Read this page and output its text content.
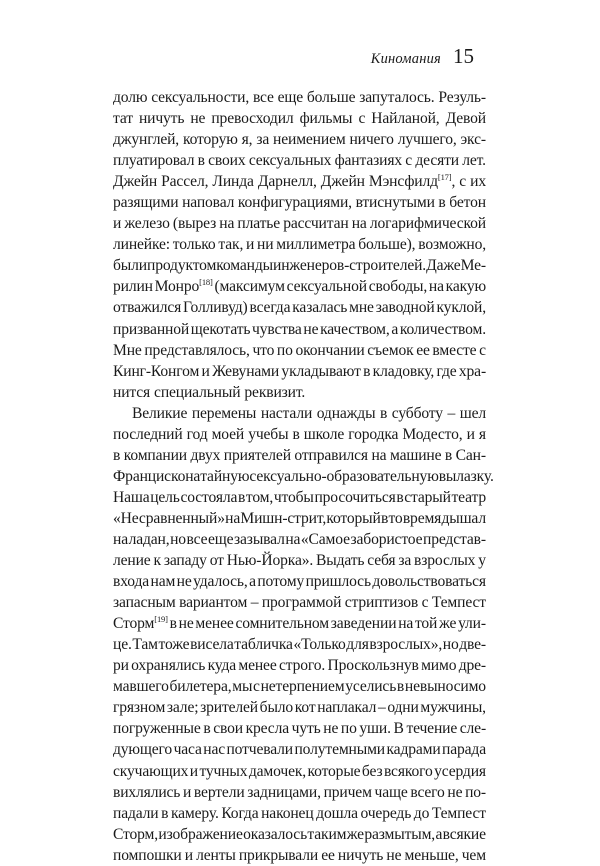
Киномания 15
долю сексуальности, все еще больше запуталось. Резуль-
тат ничуть не превосходил фильмы с Найланой, Девой
джунглей, которую я, за неимением ничего лучшего, экс-
плуатировал в своих сексуальных фантазиях с десяти лет.
Джейн Рассел, Линда Дарнелл, Джейн Мэнсфилд[17], с их
разящими наповал конфигурациями, втиснутыми в бетон
и железо (вырез на платье рассчитан на логарифмической
линейке: только так, и ни миллиметра больше), возможно,
были продуктом команды инженеров-строителей. Даже Ме-
рилин Монро[18] (максимум сексуальной свободы, на какую
отважился Голливуд) всегда казалась мне заводной куклой,
призванной щекотать чувства не качеством, а количеством.
Мне представлялось, что по окончании съемок ее вместе с
Кинг-Конгом и Жевунами укладывают в кладовку, где хра-
нится специальный реквизит.
Великие перемены настали однажды в субботу – шел
последний год моей учебы в школе городка Модесто, и я
в компании двух приятелей отправился на машине в Сан-
Франциско на тайную сексуально-образовательную вылазку.
Наша цель состояла в том, чтобы просочиться в старый театр
«Несравненный» на Мишн-стрит, который в то время дышал
на ладан, но все еще зазывал на «Самое забористое представ-
ление к западу от Нью-Йорка». Выдать себя за взрослых у
входа нам не удалось, а потому пришлось довольствоваться
запасным вариантом – программой стриптизов с Темпест
Сторм[19] в не менее сомнительном заведении на той же ули-
це. Там тоже висела табличка «Только для взрослых», но две-
ри охранялись куда менее строго. Проскользнув мимо дре-
мавшего билетера, мы с нетерпением уселись в невыносимо
грязном зале; зрителей было кот наплакал – одни мужчины,
погруженные в свои кресла чуть не по уши. В течение сле-
дующего часа нас потчевали полутемными кадрами парада
скучающих и тучных дамочек, которые без всякого усердия
вихлялись и вертели задницами, причем чаще всего не по-
падали в камеру. Когда наконец дошла очередь до Темпест
Сторм, изображение оказалось таким же размытым, а всякие
помпошки и ленты прикрывали ее ничуть не меньше, чем
